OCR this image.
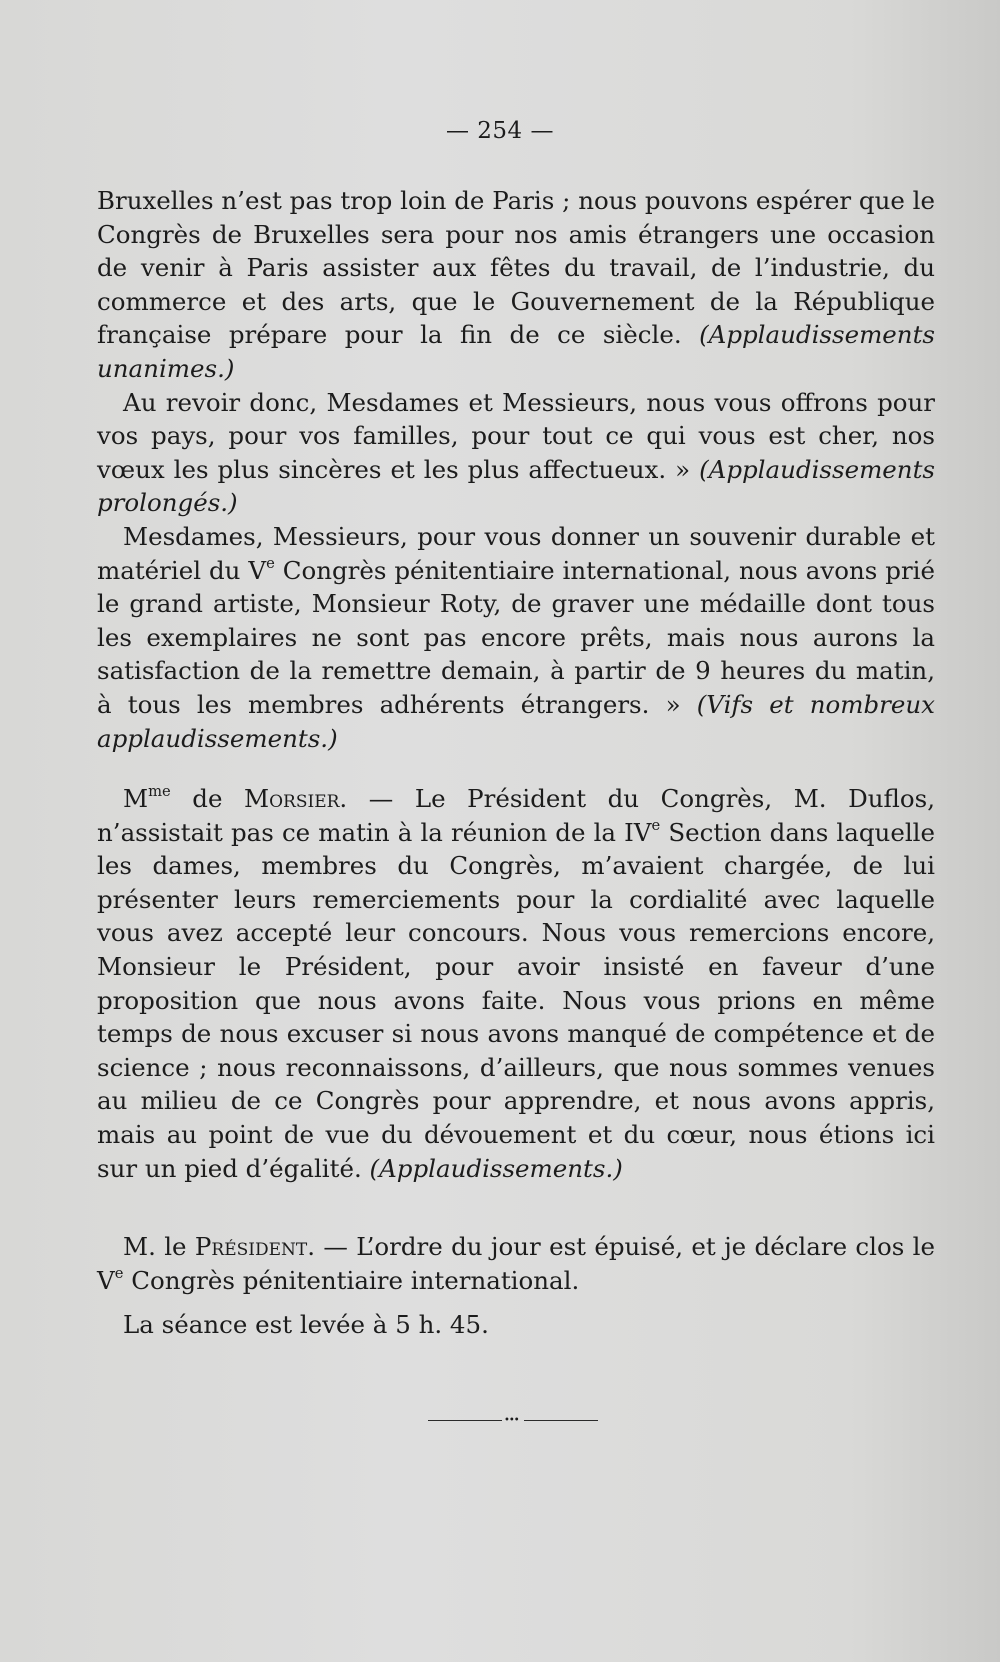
— 254 —

Bruxelles n’est pas trop loin de Paris ; nous pouvons espérer que le Congrès de Bruxelles sera pour nos amis étrangers une occasion de venir à Paris assister aux fêtes du travail, de l’industrie, du commerce et des arts, que le Gouvernement de la République française prépare pour la fin de ce siècle. (Applaudissements unanimes.)

Au revoir donc, Mesdames et Messieurs, nous vous offrons pour vos pays, pour vos familles, pour tout ce qui vous est cher, nos vœux les plus sincères et les plus affectueux. » (Applaudissements prolongés.)

Mesdames, Messieurs, pour vous donner un souvenir durable et matériel du Ve Congrès pénitentiaire international, nous avons prié le grand artiste, Monsieur Roty, de graver une médaille dont tous les exemplaires ne sont pas encore prêts, mais nous aurons la satisfaction de la remettre demain, à partir de 9 heures du matin, à tous les membres adhérents étrangers. » (Vifs et nombreux applaudissements.)

$M^{me}$ de Morsier. — Le Président du Congrès, M. Duflos, n’assistait pas ce matin à la réunion de la IVe Section dans laquelle les dames, membres du Congrès, m’avaient chargée, de lui présenter leurs remerciements pour la cordialité avec laquelle vous avez accepté leur concours. Nous vous remercions encore, Monsieur le Président, pour avoir insisté en faveur d’une proposition que nous avons faite. Nous vous prions en même temps de nous excuser si nous avons manqué de compétence et de science ; nous reconnaissons, d’ailleurs, que nous sommes venues au milieu de ce Congrès pour apprendre, et nous avons appris, mais au point de vue du dévouement et du cœur, nous étions ici sur un pied d’égalité. (Applaudissements.)

M. le Président. — L’ordre du jour est épuisé, et je déclare clos le Ve Congrès pénitentiaire international.

La séance est levée à 5 h. 45.

•••
